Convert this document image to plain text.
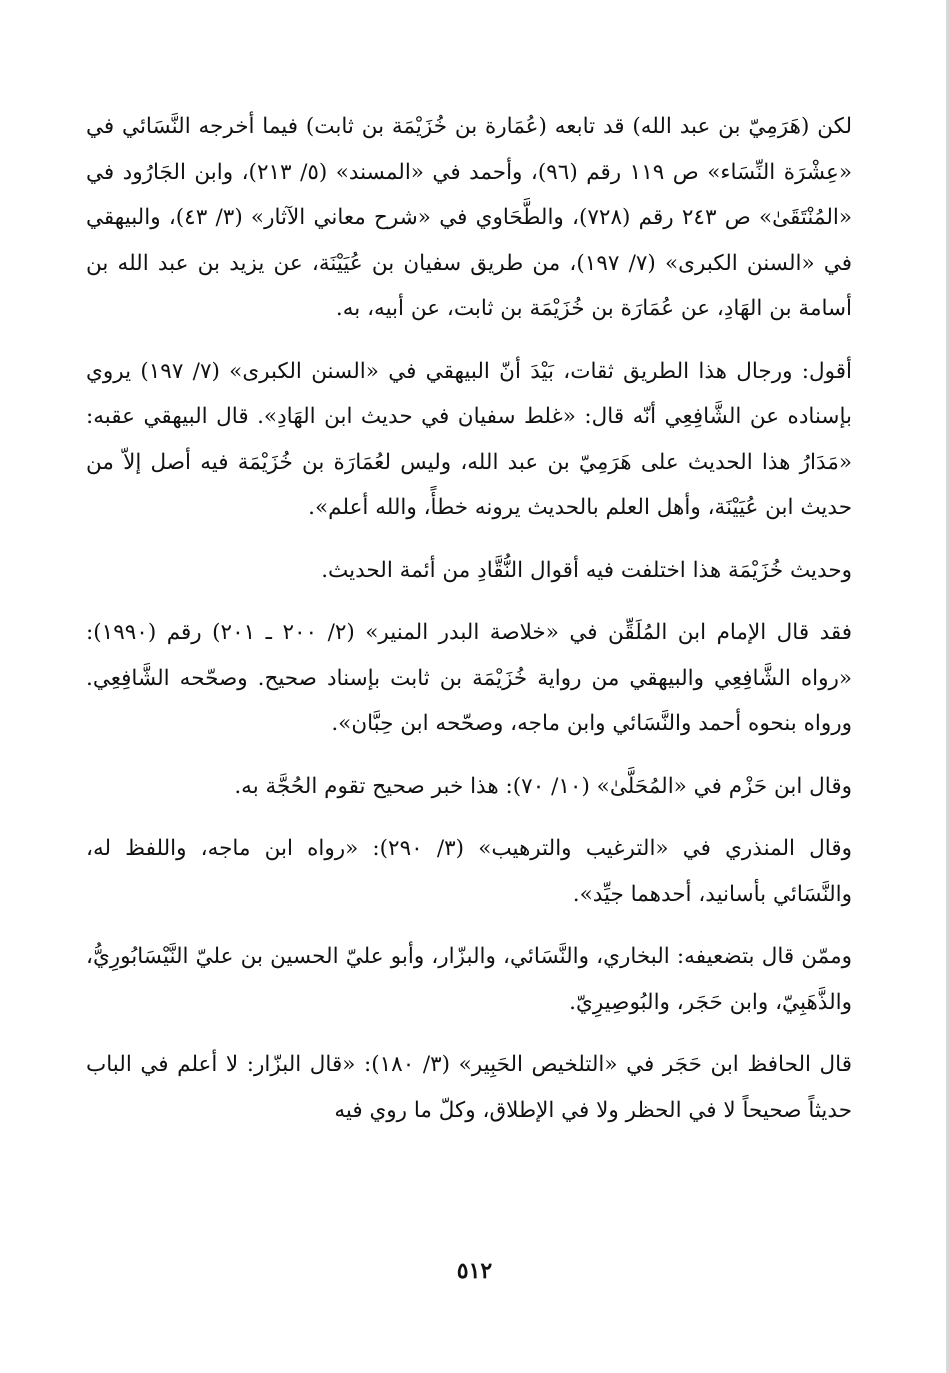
لكن (هَرَمِيّ بن عبد الله) قد تابعه (عُمَارة بن خُزَيْمَة بن ثابت) فيما أخرجه النَّسَائي في «عِشْرَة النِّسَاء» ص ١١٩ رقم (٩٦)، وأحمد في «المسند» (٥/ ٢١٣)، وابن الجَارُود في «المُنْتَقَىٰ» ص ٢٤٣ رقم (٧٢٨)، والطَّحَاوي في «شرح معاني الآثار» (٣/ ٤٣)، والبيهقي في «السنن الكبرى» (٧/ ١٩٧)، من طريق سفيان بن عُيَيْنَة، عن يزيد بن عبد الله بن أسامة بن الهَادِ، عن عُمَارَة بن خُزَيْمَة بن ثابت، عن أبيه، به.

أقول: ورجال هذا الطريق ثقات، بَيْدَ أنّ البيهقي في «السنن الكبرى» (٧/ ١٩٧) يروي بإسناده عن الشَّافِعِي أنّه قال: «غلط سفيان في حديث ابن الهَادِ». قال البيهقي عقبه: «مَدَارُ هذا الحديث على هَرَمِيّ بن عبد الله، وليس لعُمَارَة بن خُزَيْمَة فيه أصل إلاّ من حديث ابن عُيَيْنَة، وأهل العلم بالحديث يرونه خطأً، والله أعلم».

وحديث خُزَيْمَة هذا اختلفت فيه أقوال النُّقَّادِ من أئمة الحديث.

فقد قال الإمام ابن المُلَقِّن في «خلاصة البدر المنير» (٢/ ٢٠٠ ـ ٢٠١) رقم (١٩٩٠): «رواه الشَّافِعِي والبيهقي من رواية خُزَيْمَة بن ثابت بإسناد صحيح. وصحّحه الشَّافِعِي. ورواه بنحوه أحمد والنَّسَائي وابن ماجه، وصحّحه ابن حِبَّان».

وقال ابن حَزْم في «المُحَلَّىٰ» (١٠/ ٧٠): هذا خبر صحيح تقوم الحُجَّة به.

وقال المنذري في «الترغيب والترهيب» (٣/ ٢٩٠): «رواه ابن ماجه، واللفظ له، والنَّسَائي بأسانيد، أحدهما جيِّد».

وممّن قال بتضعيفه: البخاري، والنَّسَائي، والبزّار، وأبو عليّ الحسين بن عليّ النَّيْسَابُورِيُّ، والذَّهَبِيّ، وابن حَجَر، والبُوصِيرِيّ.

قال الحافظ ابن حَجَر في «التلخيص الحَبِير» (٣/ ١٨٠): «قال البزّار: لا أعلم في الباب حديثاً صحيحاً لا في الحظر ولا في الإطلاق، وكلّ ما روي فيه

٥١٢
